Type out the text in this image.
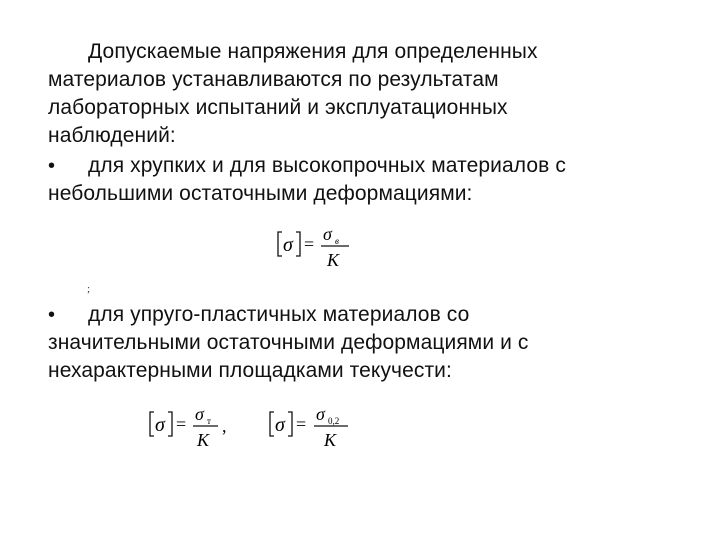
Допускаемые напряжения для определенных
материалов устанавливаются по результатам
лабораторных испытаний и эксплуатационных
наблюдений:
• для хрупких и для высокопрочных материалов с
небольшими остаточными деформациями:
σ = σ в
K
;
• для упруго-пластичных материалов со
значительными остаточными деформациями и с
нехарактерными площадками текучести:
σ = σ т
K
, σ = σ 0,2
K
